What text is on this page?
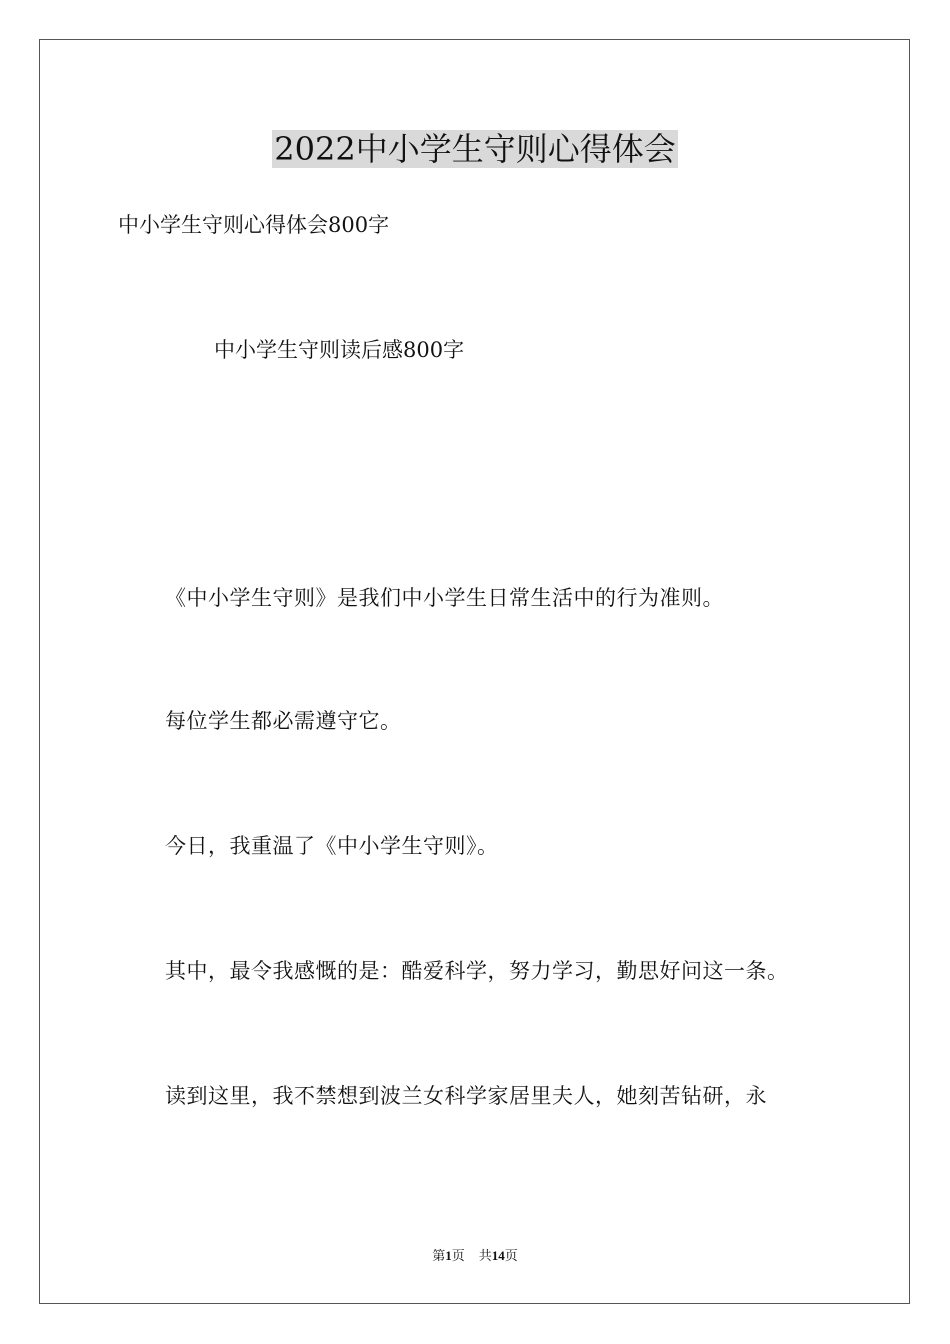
2022中小学生守则心得体会
中小学生守则心得体会800字
中小学生守则读后感800字
《中小学生守则》是我们中小学生日常生活中的行为准则。
每位学生都必需遵守它。
今日，我重温了《中小学生守则》。
其中，最令我感慨的是：酷爱科学，努力学习，勤思好问这一条。
读到这里，我不禁想到波兰女科学家居里夫人，她刻苦钻研，永
第1页 共14页
